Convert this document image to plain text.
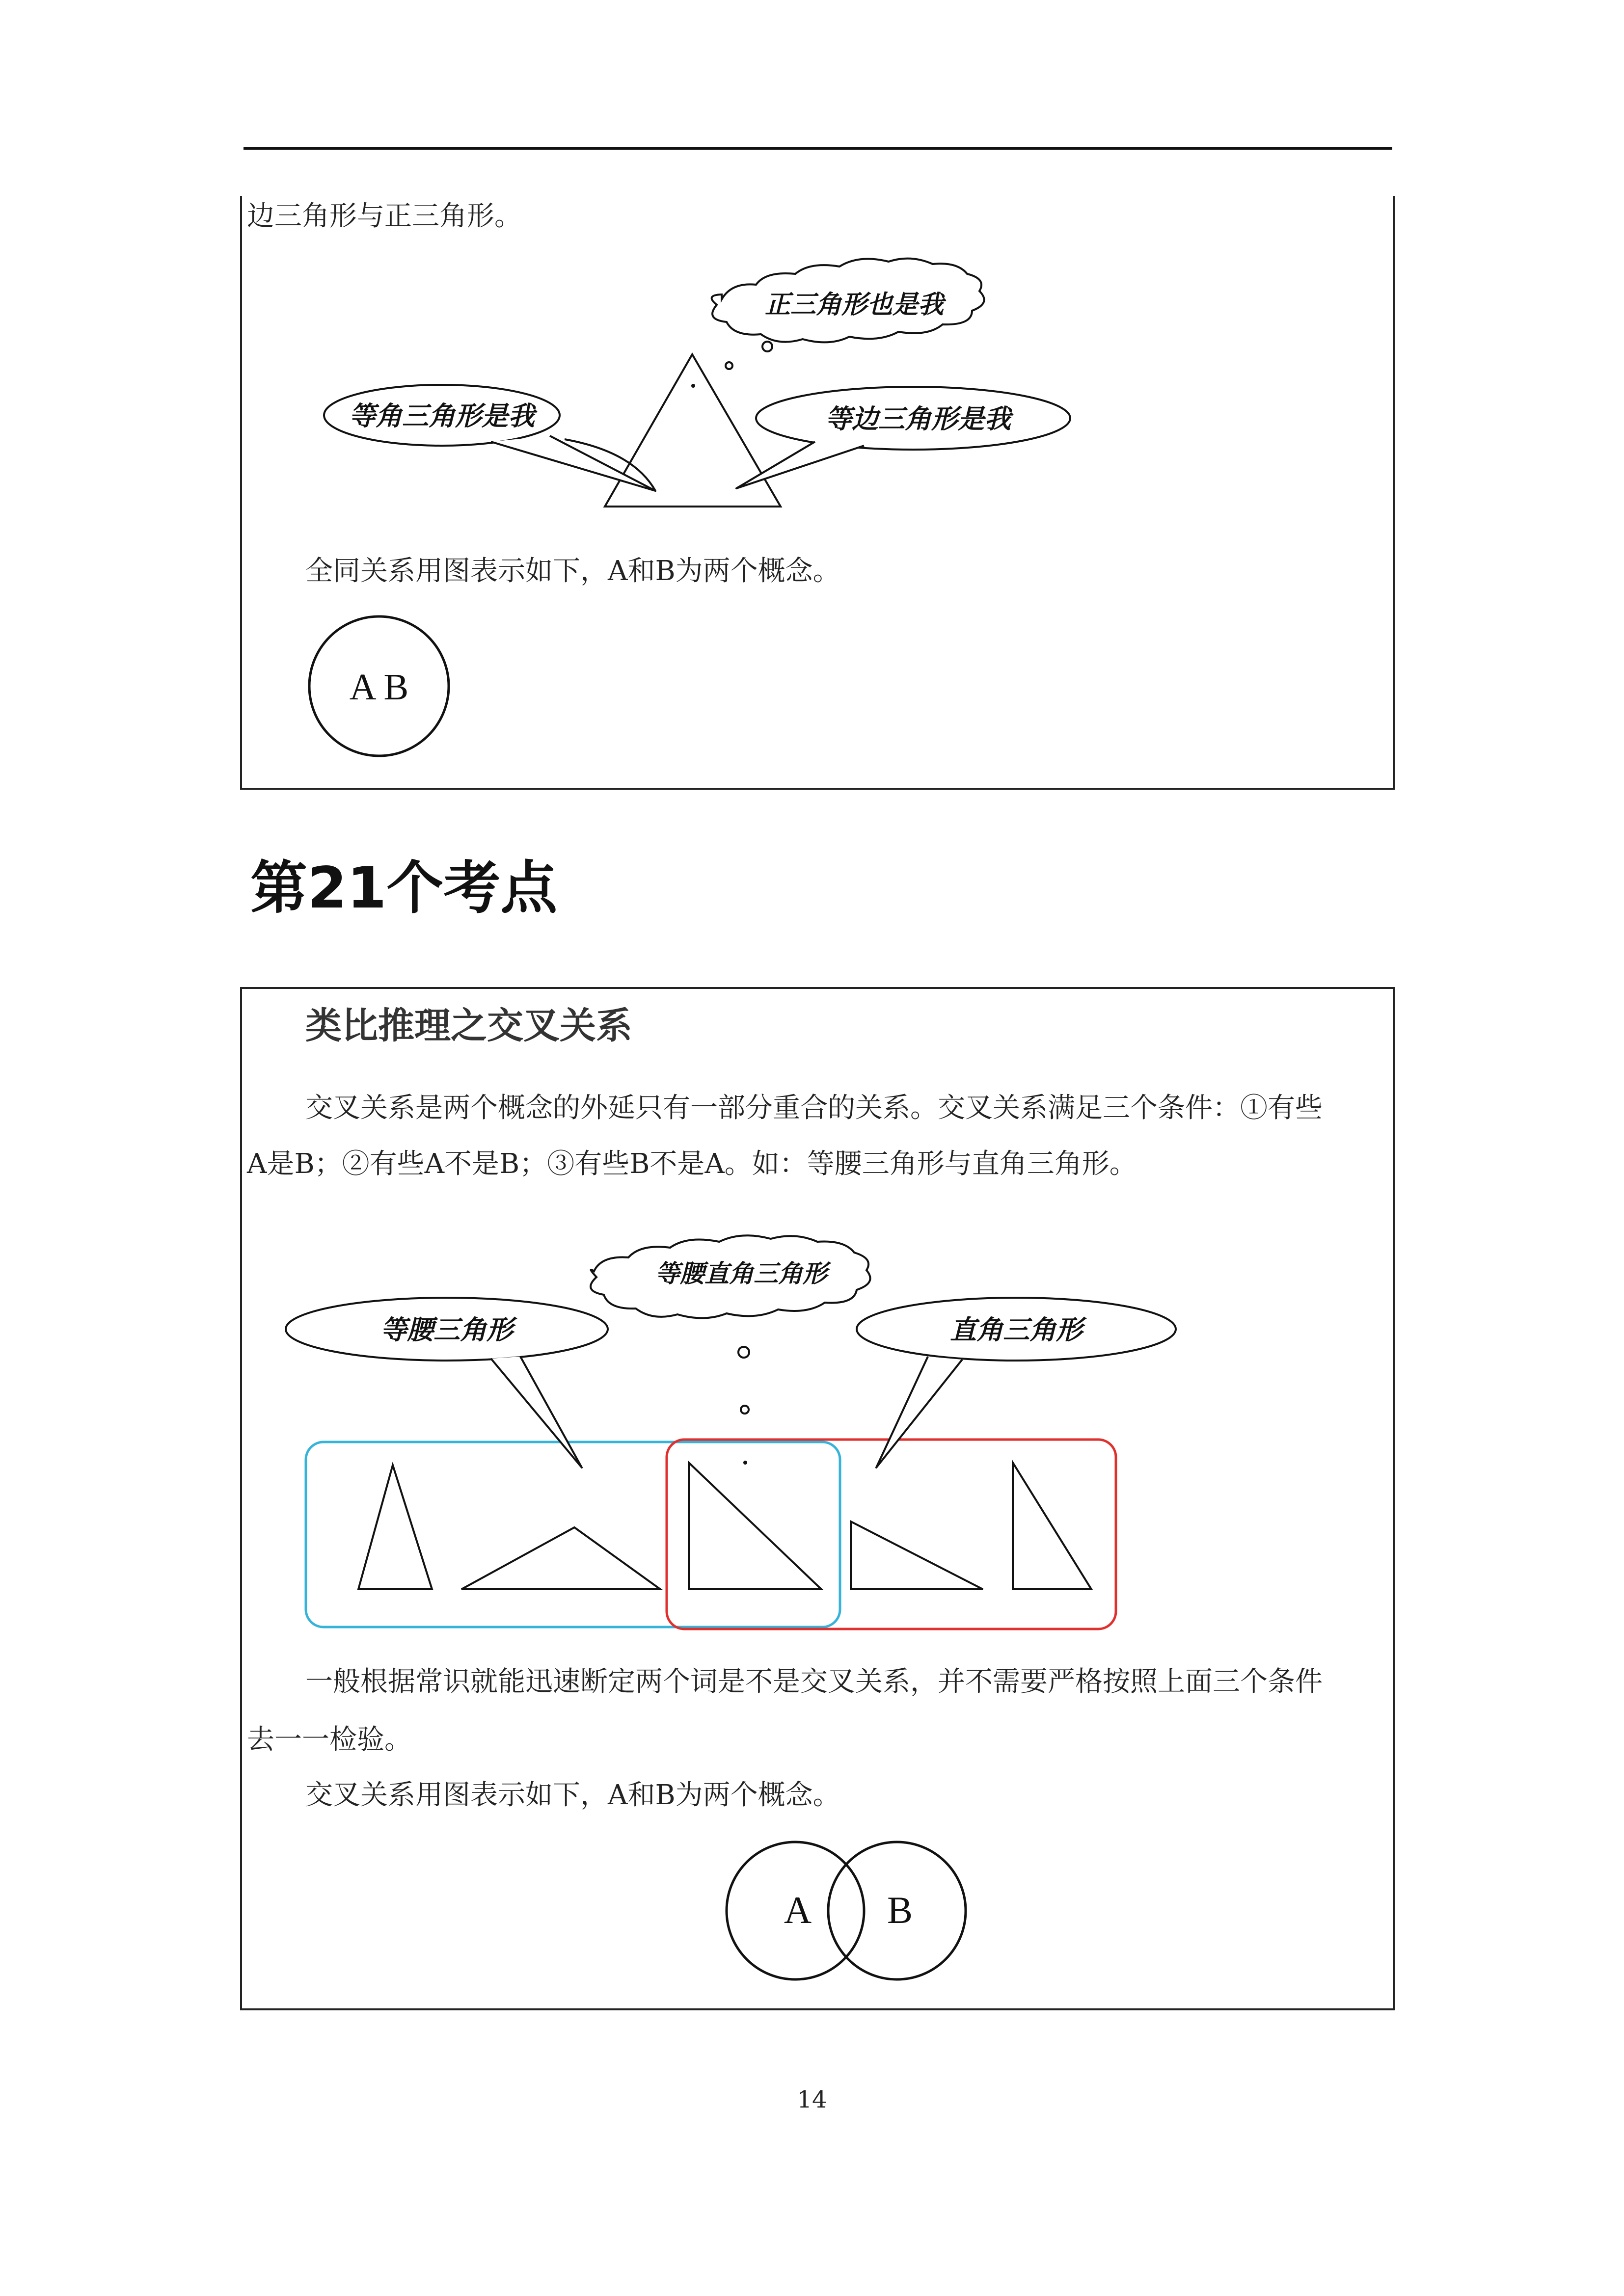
边三角形与正三角形。
等角三角形是我	等边三角形是我
正三角形也是我
A B
等腰三角形	直角三角形
等腰直角三角形
A B
全同关系用图表示如下，A和B为两个概念。
第21个考点
类比推理之交叉关系
交叉关系是两个概念的外延只有一部分重合的关系。交叉关系满足三个条件：①有些
A是B；②有些A不是B；③有些B不是A。如：等腰三角形与直角三角形。
一般根据常识就能迅速断定两个词是不是交叉关系，并不需要严格按照上面三个条件
去一一检验。
交叉关系用图表示如下，A和B为两个概念。
14
